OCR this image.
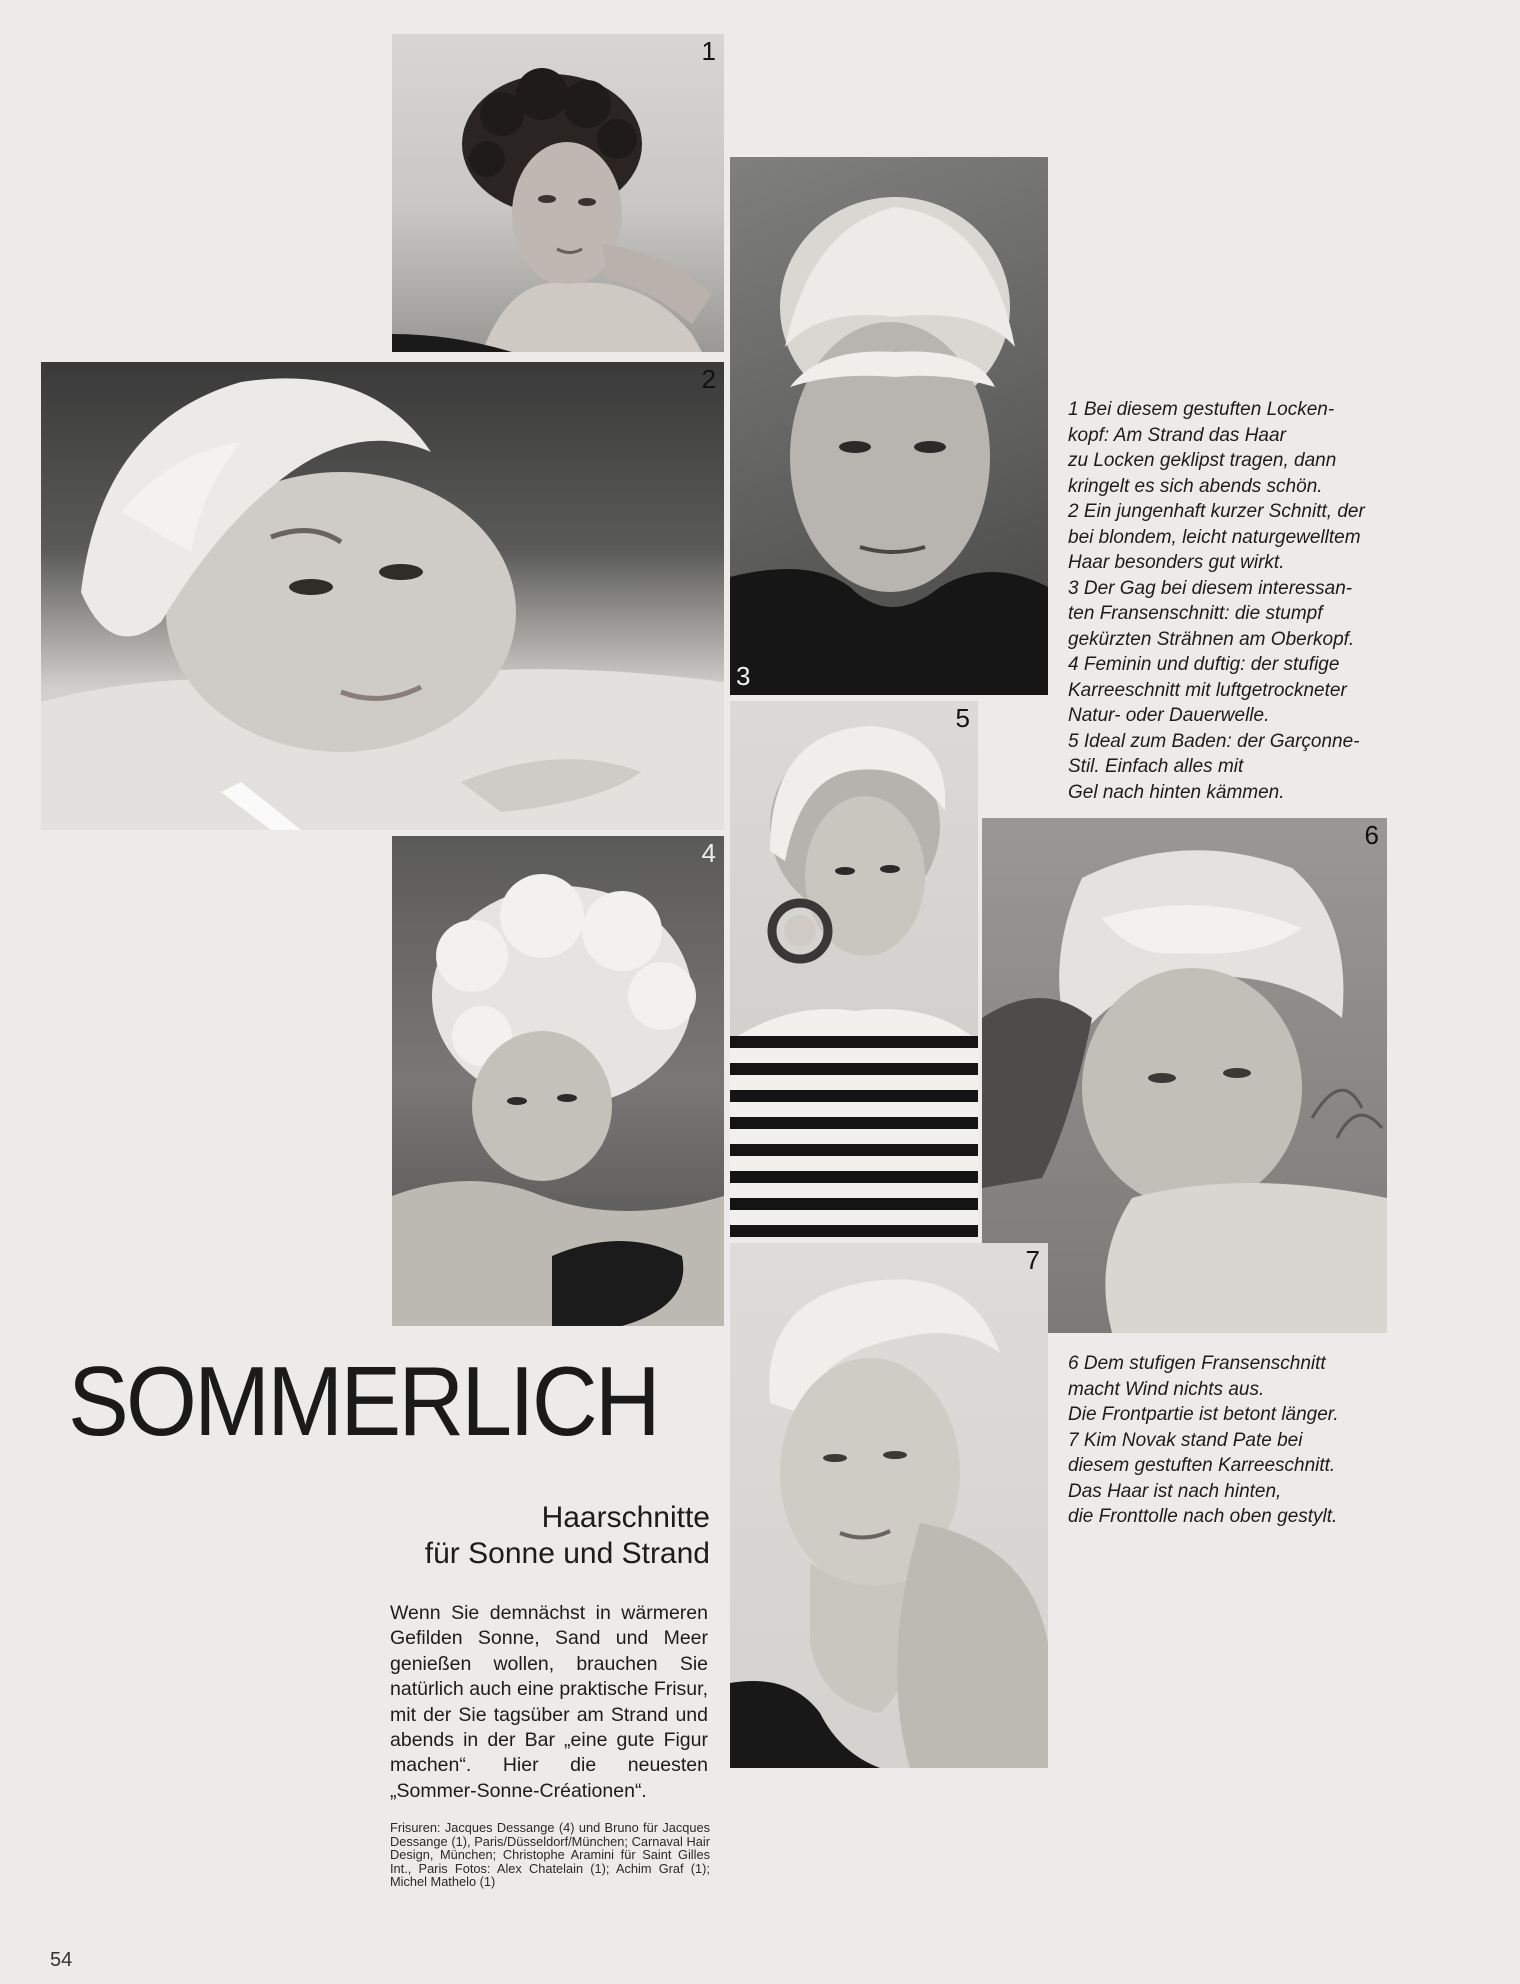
1
3
2
5
4
6
7

1 Bei diesem gestuften Locken-

kopf: Am Strand das Haar

zu Locken geklipst tragen, dann

kringelt es sich abends schön.

2 Ein jungenhaft kurzer Schnitt, der

bei blondem, leicht naturgewelltem

Haar besonders gut wirkt.

3 Der Gag bei diesem interessan-

ten Fransenschnitt: die stumpf

gekürzten Strähnen am Oberkopf.

4 Feminin und duftig: der stufige

Karreeschnitt mit luftgetrockneter

Natur- oder Dauerwelle.

5 Ideal zum Baden: der Garçonne-

Stil. Einfach alles mit

Gel nach hinten kämmen.

6 Dem stufigen Fransenschnitt

macht Wind nichts aus.

Die Frontpartie ist betont länger.

7 Kim Novak stand Pate bei

diesem gestuften Karreeschnitt.

Das Haar ist nach hinten,

die Fronttolle nach oben gestylt.

SOMMERLICH
Haarschnitte
für Sonne und Strand
Wenn Sie demnächst in wärmeren Gefilden Sonne, Sand und Meer genießen wollen, brauchen Sie natürlich auch eine praktische Frisur, mit der Sie tagsüber am Strand und abends in der Bar „eine gute Figur machen“. Hier die neuesten „Sommer-Sonne-Créationen“.
Frisuren: Jacques Dessange (4) und Bruno für Jacques Dessange (1), Paris/Düsseldorf/München; Carnaval Hair Design, München; Christophe Aramini für Saint Gilles Int., Paris Fotos: Alex Chatelain (1); Achim Graf (1); Michel Mathelo (1)
54
